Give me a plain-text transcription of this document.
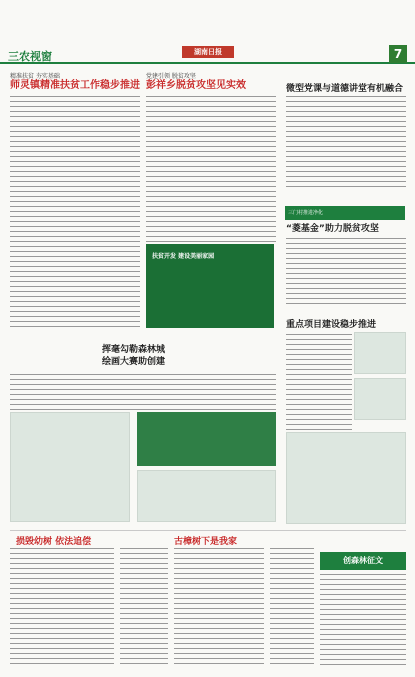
三农视窗	湖南日报	7
精准扶贫 夯实基础
师灵镇精准扶贫工作稳步推进
党建引领 脱贫攻坚
彭祥乡脱贫攻坚见实效	微型党课与道德讲堂有机融合
扶贫开发 建设美丽家园
三门村推进净化
“菱基金”助力脱贫攻坚
重点项目建设稳步推进
挥毫勾勒森林城
绘画大赛助创建
损毁幼树 依法追偿	古樟树下是我家
创森林征文
